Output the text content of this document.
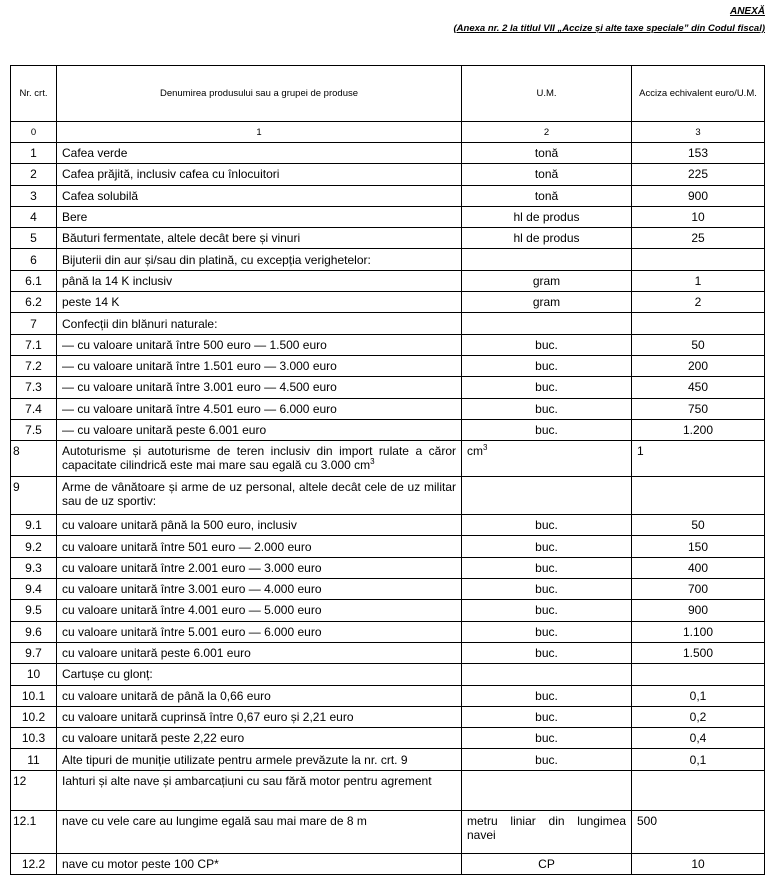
ANEXĂ
(Anexa nr. 2 la titlul VII „Accize și alte taxe speciale” din Codul fiscal)
Nr. crt.	Denumirea produsului sau a grupei de produse	U.M.	Acciza echivalent euro/U.M.
0	1	2	3
1	Cafea verde	tonă	153
2	Cafea prăjită, inclusiv cafea cu înlocuitori	tonă	225
3	Cafea solubilă	tonă	900
4	Bere	hl de produs	10
5	Băuturi fermentate, altele decât bere și vinuri	hl de produs	25
6	Bijuterii din aur și/sau din platină, cu excepția verighetelor:		
6.1	până la 14 K inclusiv	gram	1
6.2	peste 14 K	gram	2
7	Confecții din blănuri naturale:		
7.1	— cu valoare unitară între 500 euro — 1.500 euro	buc.	50
7.2	— cu valoare unitară între 1.501 euro — 3.000 euro	buc.	200
7.3	— cu valoare unitară între 3.001 euro — 4.500 euro	buc.	450
7.4	— cu valoare unitară între 4.501 euro — 6.000 euro	buc.	750
7.5	— cu valoare unitară peste 6.001 euro	buc.	1.200
8	Autoturisme și autoturisme de teren inclusiv din import rulate a căror capacitate cilindrică este mai mare sau egală cu 3.000 $cm^3$	$cm^3$	1
9	Arme de vânătoare și arme de uz personal, altele decât cele de uz militar sau de uz sportiv:		
9.1	cu valoare unitară până la 500 euro, inclusiv	buc.	50
9.2	cu valoare unitară între 501 euro — 2.000 euro	buc.	150
9.3	cu valoare unitară între 2.001 euro — 3.000 euro	buc.	400
9.4	cu valoare unitară între 3.001 euro — 4.000 euro	buc.	700
9.5	cu valoare unitară între 4.001 euro — 5.000 euro	buc.	900
9.6	cu valoare unitară între 5.001 euro — 6.000 euro	buc.	1.100
9.7	cu valoare unitară peste 6.001 euro	buc.	1.500
10	Cartușe cu glonț:		
10.1	cu valoare unitară de până la 0,66 euro	buc.	0,1
10.2	cu valoare unitară cuprinsă între 0,67 euro și 2,21 euro	buc.	0,2
10.3	cu valoare unitară peste 2,22 euro	buc.	0,4
11	Alte tipuri de muniție utilizate pentru armele prevăzute la nr. crt. 9	buc.	0,1
12	Iahturi și alte nave și ambarcațiuni cu sau fără motor pentru agrement		
12.1	nave cu vele care au lungime egală sau mai mare de 8 m	metru liniar din lungimea navei	500
12.2	nave cu motor peste 100 CP*	CP	10
